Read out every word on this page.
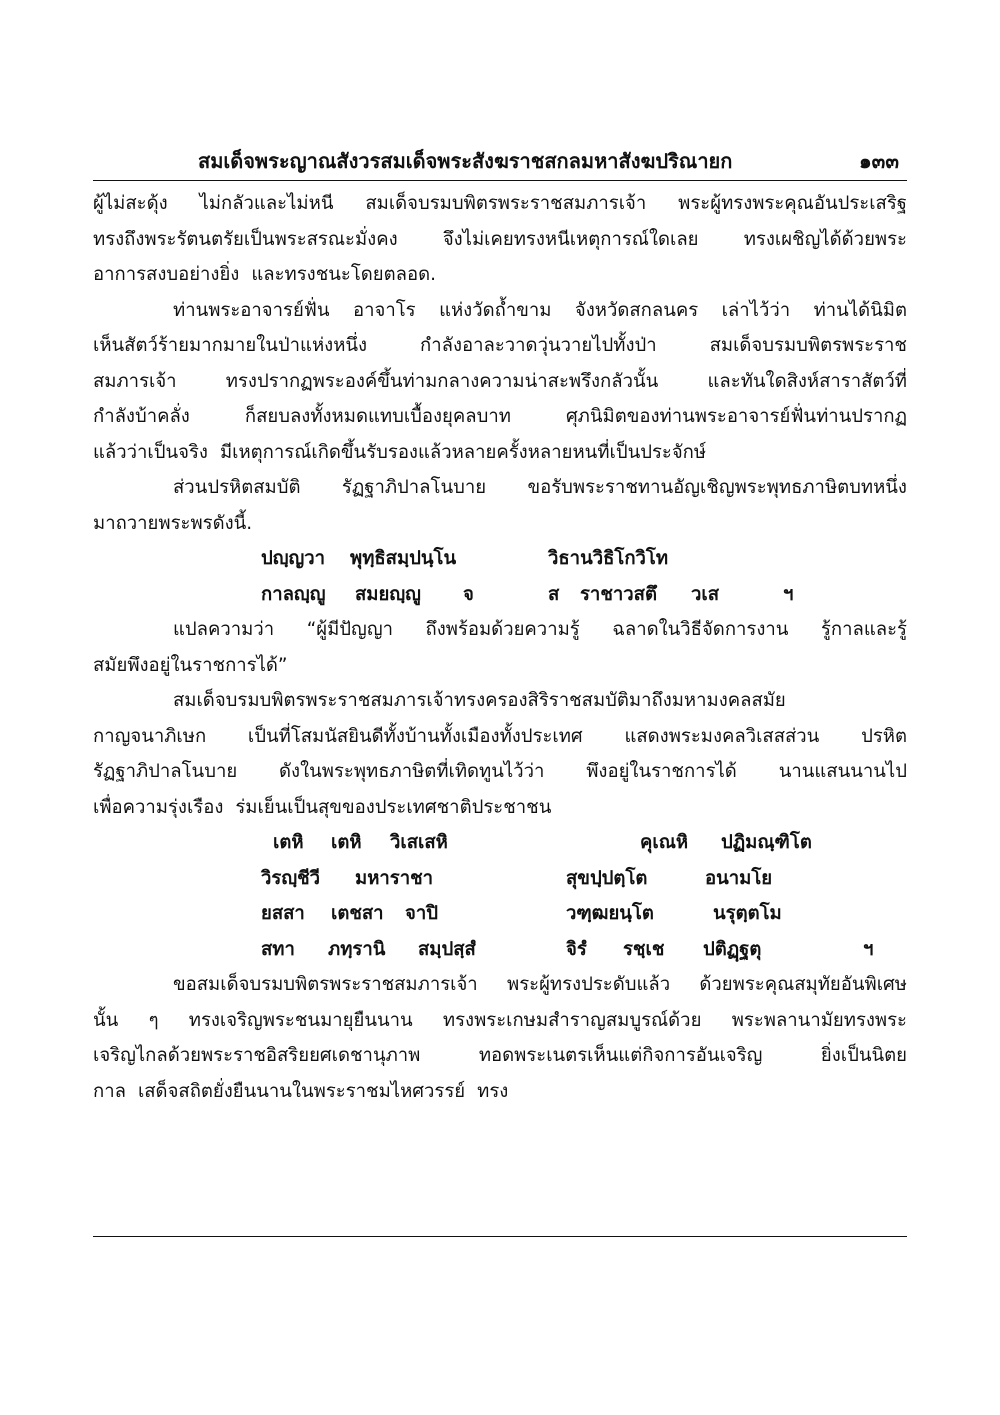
สมเด็จพระญาณสังวรสมเด็จพระสังฆราชสกลมหาสังฆปริณายก	๑๓๓
ผู้ไม่สะดุ้ง ไม่กลัวและไม่หนี สมเด็จบรมบพิตรพระราชสมภารเจ้า พระผู้ทรงพระคุณอันประเสริฐ
ทรงถึงพระรัตนตรัยเป็นพระสรณะมั่งคง จึงไม่เคยทรงหนีเหตุการณ์ใดเลย ทรงเผชิญได้ด้วยพระ
อาการสงบอย่างยิ่ง และทรงชนะโดยตลอด.
ท่านพระอาจารย์ฟั่น อาจาโร แห่งวัดถ้ำขาม จังหวัดสกลนคร เล่าไว้ว่า ท่านได้นิมิต
เห็นสัตว์ร้ายมากมายในป่าแห่งหนึ่ง	กำลังอาละวาดวุ่นวายไปทั้งป่า	สมเด็จบรมบพิตรพระราช
สมภารเจ้า	ทรงปรากฏพระองค์ขึ้นท่ามกลางความน่าสะพรึงกลัวนั้น	และทันใดสิงห์สาราสัตว์ที่
กำลังบ้าคลั่ง	ก็สยบลงทั้งหมดแทบเบื้องยุคลบาท	ศุภนิมิตของท่านพระอาจารย์ฟั่นท่านปรากฏ
แล้วว่าเป็นจริง มีเหตุการณ์เกิดขึ้นรับรองแล้วหลายครั้งหลายหนที่เป็นประจักษ์
ส่วนปรหิตสมบัติ รัฏฐาภิปาลโนบาย ขอรับพระราชทานอัญเชิญพระพุทธภาษิตบทหนึ่ง
มาถวายพระพรดังนี้.
ปญฺญวา พุทฺธิสมฺปนฺโน	วิธานวิธิโกวิโท
กาลญฺญู สมยญฺญู จ	ส ราชาวสตึ วเส	ฯ
แปลความว่า “ผู้มีปัญญา ถึงพร้อมด้วยความรู้ ฉลาดในวิธีจัดการงาน รู้กาลและรู้
สมัยพึงอยู่ในราชการได้”
สมเด็จบรมบพิตรพระราชสมภารเจ้าทรงครองสิริราชสมบัติมาถึงมหามงคลสมัย
กาญจนาภิเษก เป็นที่โสมนัสยินดีทั้งบ้านทั้งเมืองทั้งประเทศ แสดงพระมงคลวิเสสส่วน ปรหิต
รัฏฐาภิปาลโนบาย ดังในพระพุทธภาษิตที่เทิดทูนไว้ว่า พึงอยู่ในราชการได้ นานแสนนานไป
เพื่อความรุ่งเรือง ร่มเย็นเป็นสุขของประเทศชาติประชาชน
เตหิ เตหิ วิเสเสหิ	คุเณหิ ปฏิมณฺฑิโต
วิรญฺชีวี มหาราชา	สุขปฺปตฺโต	อนามโย
ยสสา เตชสา จาปิ	วฑฺฒยนฺโต	นรุตฺตโม
สทา ภทฺรานิ สมฺปสฺสํ	จิรํ รชฺเช ปติฏฺฐตุ	ฯ
ขอสมเด็จบรมบพิตรพระราชสมภารเจ้า พระผู้ทรงประดับแล้ว ด้วยพระคุณสมุทัยอันพิเศษ
นั้น ๆ ทรงเจริญพระชนมายุยืนนาน ทรงพระเกษมสำราญสมบูรณ์ด้วย พระพลานามัยทรงพระ
เจริญไกลด้วยพระราชอิสริยยศเดชานุภาพ	ทอดพระเนตรเห็นแต่กิจการอันเจริญ	ยิ่งเป็นนิตย
กาล เสด็จสถิตยั่งยืนนานในพระราชมไหศวรรย์ ทรง
